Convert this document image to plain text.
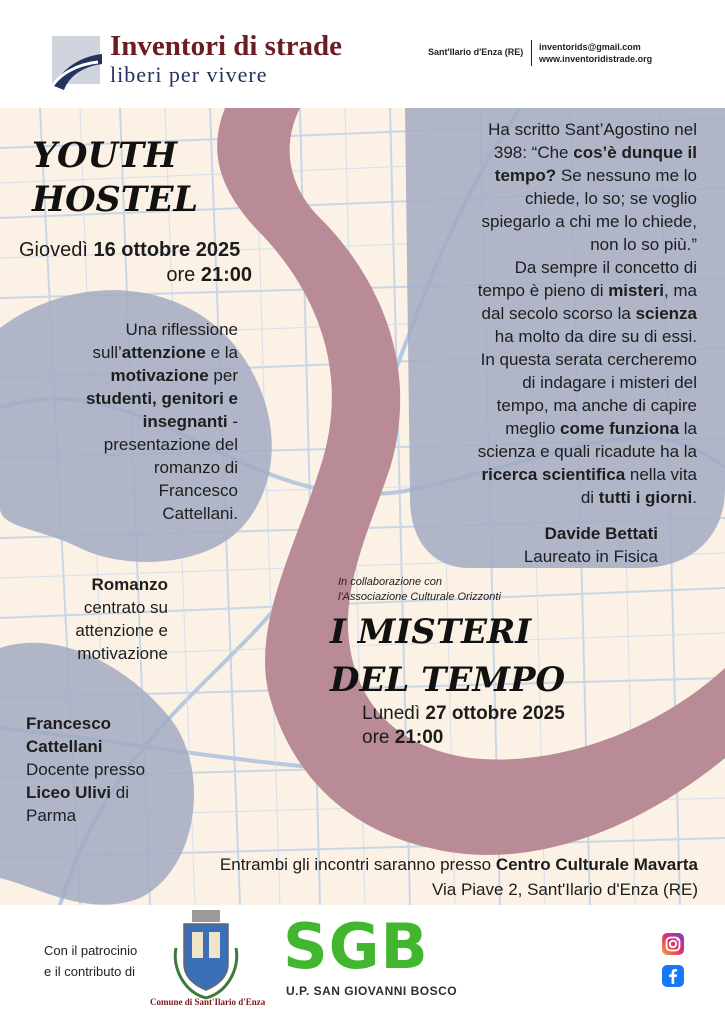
Inventori di strade
liberi per vivere
Sant'Ilario d'Enza (RE) inventorids@gmail.com
www.inventoridistrade.org
YOUTH
HOSTEL
Giovedì 16 ottobre 2025
ore 21:00
Una riflessione
sull’attenzione e la
motivazione per
studenti, genitori e
insegnanti -
presentazione del
romanzo di
Francesco
Cattellani.
Romanzo
centrato su
attenzione e
motivazione
Francesco
Cattellani
Docente presso
Liceo Ulivi di
Parma
Ha scritto Sant’Agostino nel
398: “Che cos’è dunque il
tempo? Se nessuno me lo
chiede, lo so; se voglio
spiegarlo a chi me lo chiede,
non lo so più.”
Da sempre il concetto di
tempo è pieno di misteri, ma
dal secolo scorso la scienza
ha molto da dire su di essi.
In questa serata cercheremo
di indagare i misteri del
tempo, ma anche di capire
meglio come funziona la
scienza e quali ricadute ha la
ricerca scientifica nella vita
di tutti i giorni.
Davide Bettati
Laureato in Fisica
In collaborazione con
l'Associazione Culturale Orizzonti
I MISTERI
DEL TEMPO
Lunedì 27 ottobre 2025
ore 21:00
Entrambi gli incontri saranno presso Centro Culturale Mavarta
Via Piave 2, Sant'Ilario d'Enza (RE)
Con il patrocinio
e il contributo di
Comune di Sant'Ilario d'Enza
SGB
U.P. SAN GIOVANNI BOSCO
